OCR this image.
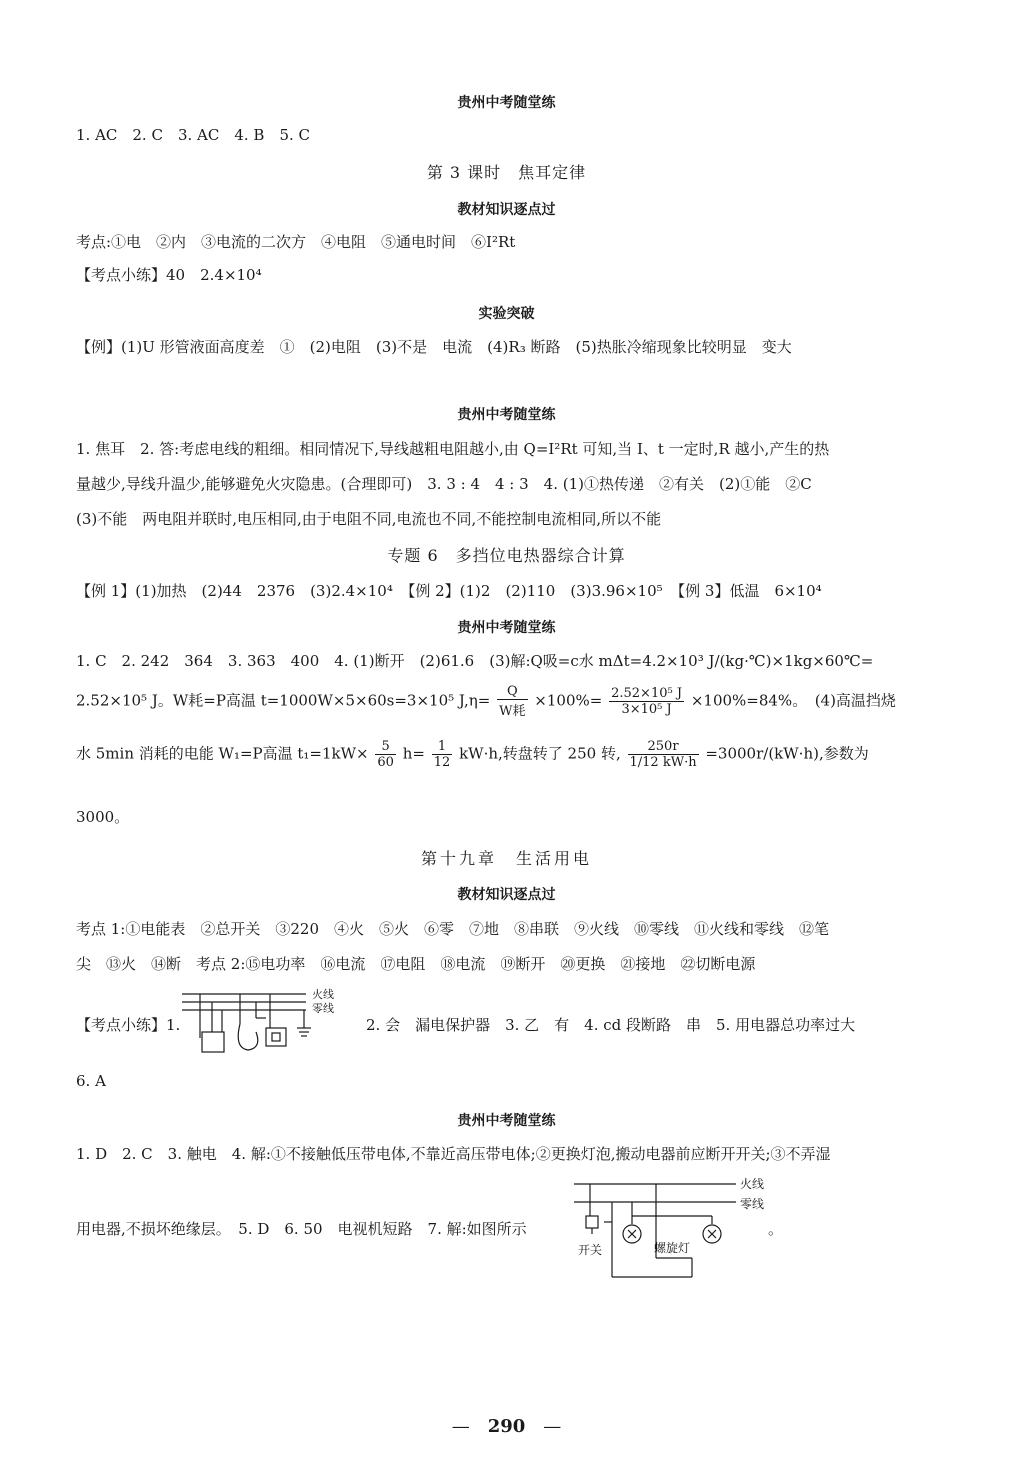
贵州中考随堂练
1. AC　2. C　3. AC　4. B　5. C
第 3 课时　焦耳定律
教材知识逐点过
考点:①电　②内　③电流的二次方　④电阻　⑤通电时间　⑥I²Rt
【考点小练】40　2.4×10⁴
实验突破
【例】(1)U 形管液面高度差　①　(2)电阻　(3)不是　电流　(4)R₃ 断路　(5)热胀冷缩现象比较明显　变大
贵州中考随堂练
1. 焦耳　2. 答:考虑电线的粗细。相同情况下,导线越粗电阻越小,由 Q=I²Rt 可知,当 I、t 一定时,R 越小,产生的热
量越少,导线升温少,能够避免火灾隐患。(合理即可)　3. 3 : 4　4 : 3　4. (1)①热传递　②有关　(2)①能　②C
(3)不能　两电阻并联时,电压相同,由于电阻不同,电流也不同,不能控制电流相同,所以不能
专题 6　多挡位电热器综合计算
【例 1】(1)加热　(2)44　2376　(3)2.4×10⁴　【例 2】(1)2　(2)110　(3)3.96×10⁵　【例 3】低温　6×10⁴
贵州中考随堂练
1. C　2. 242　364　3. 363　400　4. (1)断开　(2)61.6　(3)解:Q吸=c水 mΔt=4.2×10³ J/(kg·℃)×1kg×60℃=
2.52×10⁵ J。W耗=P高温 t=1000W×5×60s=3×10⁵ $J,\eta= \frac{Q}{\text{W耗}} \times 100\%= \frac{\text{2.52×10⁵ J}}{\text{3×10⁵ J}} \times 100\%=84\%$。　(4)高温挡烧
水 5min 消耗的电能 W₁=P高温 $t_1=1kW\times \frac{5}{60} h= \frac{1}{12} kW\cdot h$,转盘转了 250 转, $\frac{250r}{1/12 kW\cdot h} =3000r/(kW\cdot h)$,参数为
3000。
第十九章　生活用电
教材知识逐点过
考点 1:①电能表　②总开关　③220　④火　⑤火　⑥零　⑦地　⑧串联　⑨火线　⑩零线　⑪火线和零线　⑫笔
尖　⑬火　⑭断　考点 2:⑮电功率　⑯电流　⑰电阻　⑱电流　⑲断开　⑳更换　㉑接地　㉒切断电源
【考点小练】1.
火线
零线
2. 会　漏电保护器　3. 乙　有　4. cd 段断路　串　5. 用电器总功率过大
6. A
贵州中考随堂练
1. D　2. C　3. 触电　4. 解:①不接触低压带电体,不靠近高压带电体;②更换灯泡,搬动电器前应断开开关;③不弄湿
用电器,不损坏绝缘层。　5. D　6. 50　电视机短路　7. 解:如图所示
火线
零线
开关	螺旋灯
。
—　290　—
